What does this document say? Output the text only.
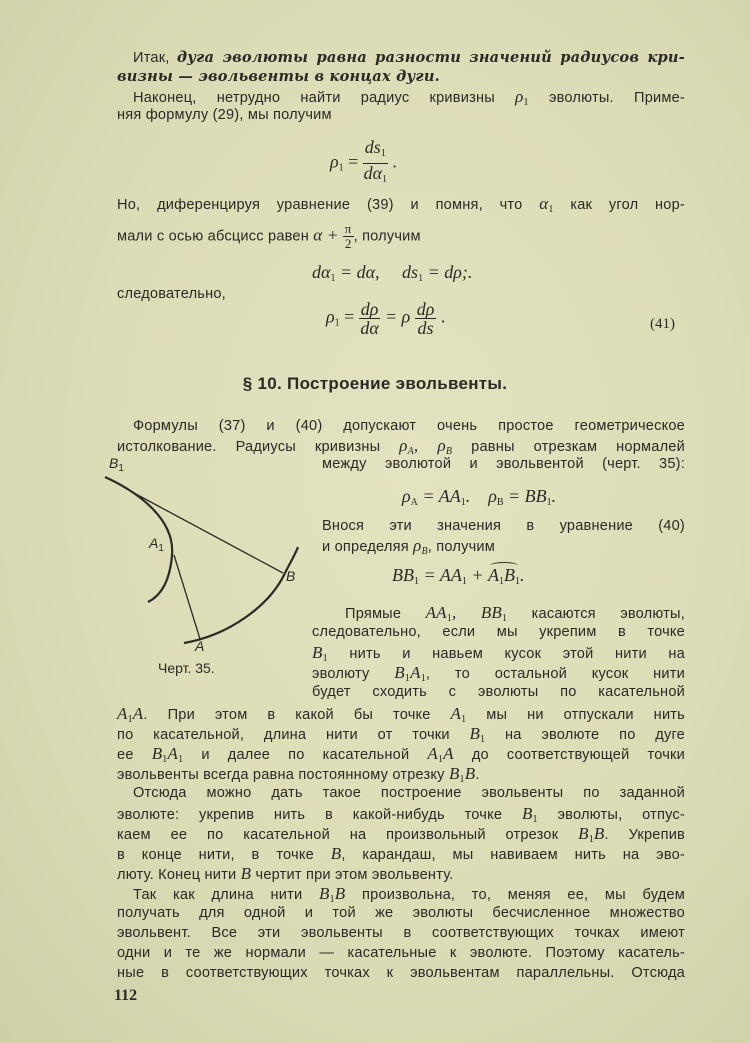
Итак, дуга эволюты равна разности значений радиусов кри-
визны — эвольвенты в концах дуги.
Наконец, нетрудно найти радиус кривизны $\rho_1$ эволюты. Приме-
няя формулу (29), мы получим
$\rho_1 = \frac{ds_1}{d\alpha_1}$ .
Но, диференцируя уравнение (39) и помня, что $\alpha_1$ как угол нор-
мали с осью абсцисс равен $\alpha + \frac{\pi}{2}$ , получим
$d\alpha_1 = d\alpha$,     $ds_1 = d\rho$;.
следовательно,
$\rho_1 = \frac{d\rho}{d\alpha} = \rho \frac{d\rho}{ds}$ .	(41)
§ 10. Построение эвольвенты.
Формулы (37) и (40) допускают очень простое геометрическое
истолкование. Радиусы кривизны $\rho_A$, $\rho_B$ равны отрезкам нормалей
между эволютой и эвольвентой (черт. 35):
$B_1$
$A_1$
B
A
Черт. 35.
$\rho_A = AA_1$.    $\rho_B = BB_1$.
Внося эти значения в уравнение (40)
и определяя $\rho_B$, получим
$BB_1 = AA_1 + A_1B_1$.
Прямые $AA_1$, $BB_1$ касаются эволюты,
следовательно, если мы укрепим в точке
$B_1$ нить и навьем кусок этой нити на
эволюту $B_1A_1$, то остальной кусок нити
будет сходить с эволюты по касательной
$A_1A$. При этом в какой бы точке $A_1$ мы ни отпускали нить
по касательной, длина нити от точки $B_1$ на эволюте по дуге
ее $B_1A_1$ и далее по касательной $A_1A$ до соответствующей точки
эвольвенты всегда равна постоянному отрезку $B_1B$.
Отсюда можно дать такое построение эвольвенты по заданной
эволюте: укрепив нить в какой-нибудь точке $B_1$ эволюты, отпус-
каем ее по касательной на произвольный отрезок $B_1B$. Укрепив
в конце нити, в точке B, карандаш, мы навиваем нить на эво-
люту. Конец нити B чертит при этом эвольвенту.
Так как длина нити $B_1B$ произвольна, то, меняя ее, мы будем
получать для одной и той же эволюты бесчисленное множество
эвольвент. Все эти эвольвенты в соответствующих точках имеют
одни и те же нормали — касательные к эволюте. Поэтому касатель-
ные в соответствующих точках к эвольвентам параллельны. Отсюда
112
